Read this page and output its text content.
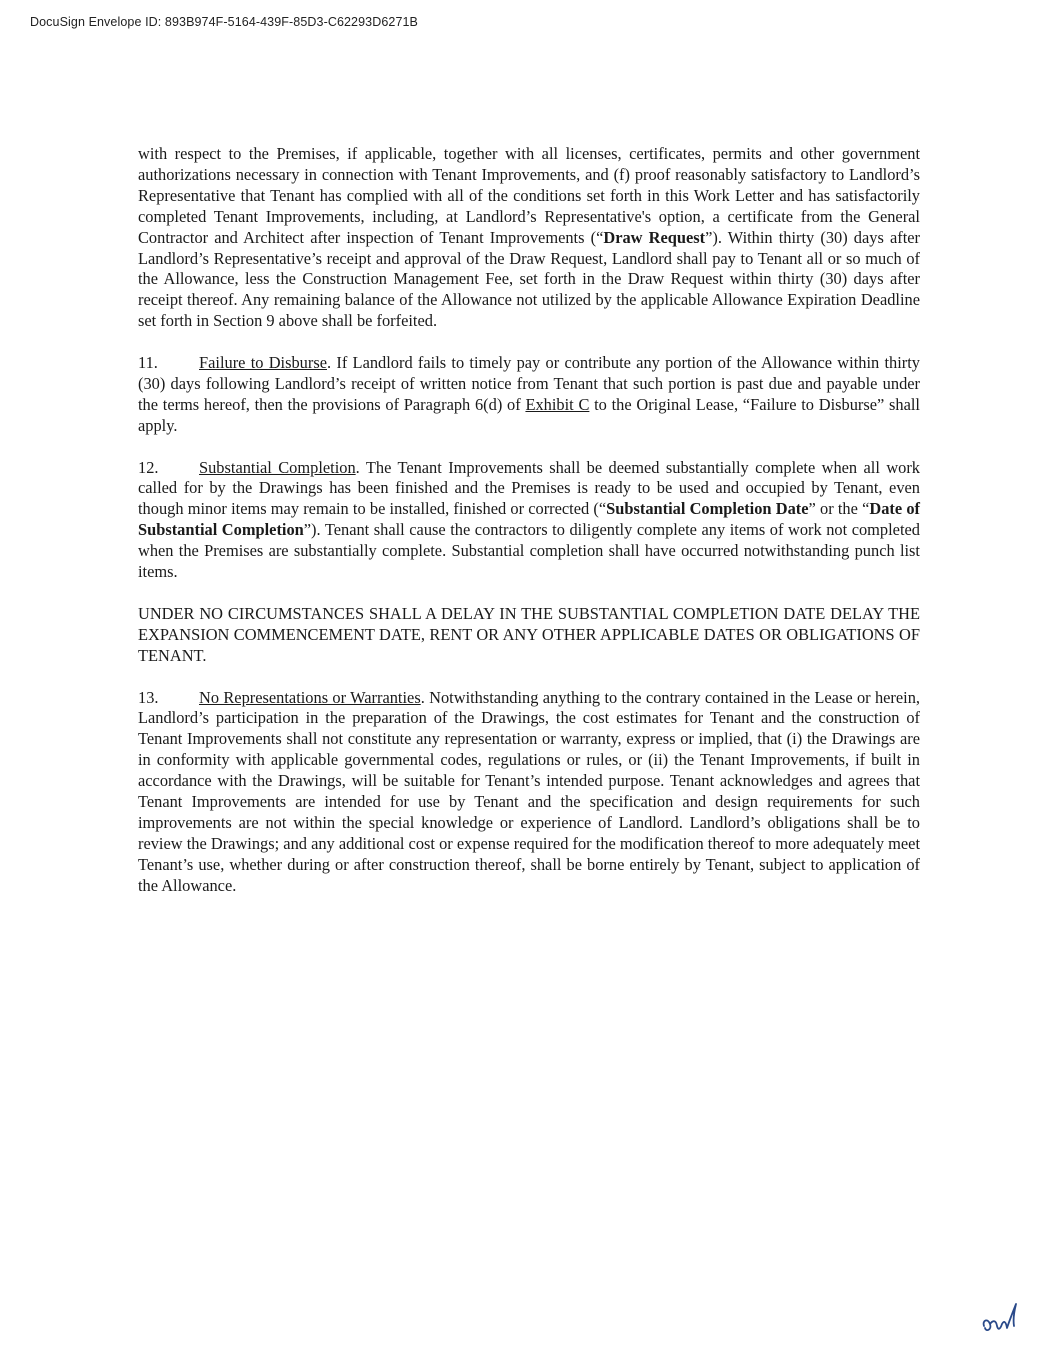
DocuSign Envelope ID: 893B974F-5164-439F-85D3-C62293D6271B

with respect to the Premises, if applicable, together with all licenses, certificates, permits and other government authorizations necessary in connection with Tenant Improvements, and (f) proof reasonably satisfactory to Landlord’s Representative that Tenant has complied with all of the conditions set forth in this Work Letter and has satisfactorily completed Tenant Improvements, including, at Landlord’s Representative's option, a certificate from the General Contractor and Architect after inspection of Tenant Improvements (“Draw Request”). Within thirty (30) days after Landlord’s Representative’s receipt and approval of the Draw Request, Landlord shall pay to Tenant all or so much of the Allowance, less the Construction Management Fee, set forth in the Draw Request within thirty (30) days after receipt thereof. Any remaining balance of the Allowance not utilized by the applicable Allowance Expiration Deadline set forth in Section 9 above shall be forfeited.

11.	Failure to Disburse. If Landlord fails to timely pay or contribute any portion of the Allowance within thirty (30) days following Landlord’s receipt of written notice from Tenant that such portion is past due and payable under the terms hereof, then the provisions of Paragraph 6(d) of Exhibit C to the Original Lease, “Failure to Disburse” shall apply.

12. Substantial Completion. The Tenant Improvements shall be deemed substantially complete when all work called for by the Drawings has been finished and the Premises is ready to be used and occupied by Tenant, even though minor items may remain to be installed, finished or corrected (“Substantial Completion Date” or the “Date of Substantial Completion”). Tenant shall cause the contractors to diligently complete any items of work not completed when the Premises are substantially complete. Substantial completion shall have occurred notwithstanding punch list items.

UNDER NO CIRCUMSTANCES SHALL A DELAY IN THE SUBSTANTIAL COMPLETION DATE DELAY THE EXPANSION COMMENCEMENT DATE, RENT OR ANY OTHER APPLICABLE DATES OR OBLIGATIONS OF TENANT.

13. No Representations or Warranties. Notwithstanding anything to the contrary contained in the Lease or herein, Landlord’s participation in the preparation of the Drawings, the cost estimates for Tenant and the construction of Tenant Improvements shall not constitute any representation or warranty, express or implied, that (i) the Drawings are in conformity with applicable governmental codes, regulations or rules, or (ii) the Tenant Improvements, if built in accordance with the Drawings, will be suitable for Tenant’s intended purpose. Tenant acknowledges and agrees that Tenant Improvements are intended for use by Tenant and the specification and design requirements for such improvements are not within the special knowledge or experience of Landlord. Landlord’s obligations shall be to review the Drawings; and any additional cost or expense required for the modification thereof to more adequately meet Tenant’s use, whether during or after construction thereof, shall be borne entirely by Tenant, subject to application of the Allowance.
